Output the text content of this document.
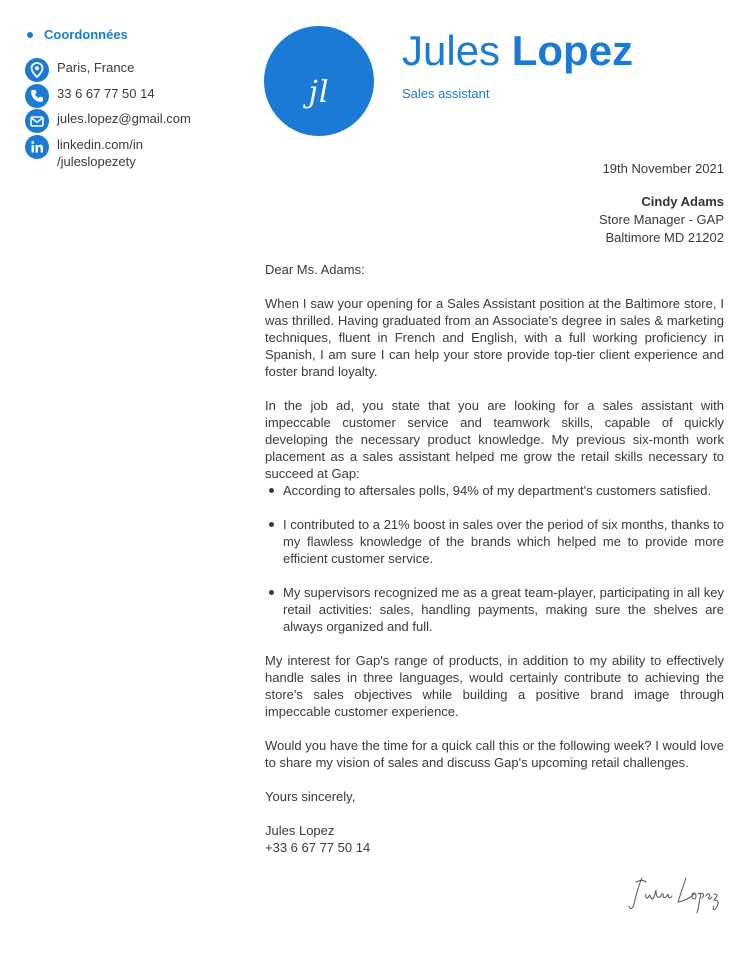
Coordonnées
Paris, France
33 6 67 77 50 14
jules.lopez@gmail.com
linkedin.com/in
/juleslopezety
jl
Jules Lopez
Sales assistant
19th November 2021
Cindy Adams
Store Manager - GAP
Baltimore MD 21202

Dear Ms. Adams:

When I saw your opening for a Sales Assistant position at the Baltimore store, I was thrilled. Having graduated from an Associate's degree in sales & marketing techniques, fluent in French and English, with a full working proficiency in Spanish, I am sure I can help your store provide top-tier client experience and foster brand loyalty.

In the job ad, you state that you are looking for a sales assistant with impeccable customer service and teamwork skills, capable of quickly developing the necessary product knowledge. My previous six-month work placement as a sales assistant helped me grow the retail skills necessary to succeed at Gap:

According to aftersales polls, 94% of my department's customers satisfied.
I contributed to a 21% boost in sales over the period of six months, thanks to my flawless knowledge of the brands which helped me to provide more efficient customer service.
My supervisors recognized me as a great team-player, participating in all key retail activities: sales, handling payments, making sure the shelves are always organized and full.

My interest for Gap's range of products, in addition to my ability to effectively handle sales in three languages, would certainly contribute to achieving the store's sales objectives while building a positive brand image through impeccable customer experience.

Would you have the time for a quick call this or the following week? I would love to share my vision of sales and discuss Gap's upcoming retail challenges.

Yours sincerely,

Jules Lopez

+33 6 67 77 50 14
